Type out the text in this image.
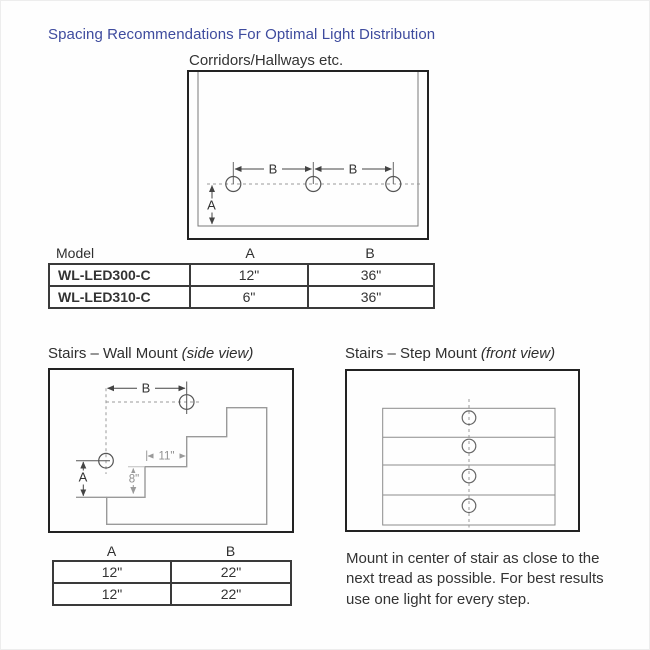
Spacing Recommendations For Optimal Light Distribution
Corridors/Hallways etc.
B	B
A
Model	A	B
WL-LED300-C	12"	36"
WL-LED310-C	6"	36"
Stairs – Wall Mount (side view)	Stairs – Step Mount (front view)
B
A	8"
11"
A	B
12"	22"
12"	22"
Mount in center of stair as close to the next tread as possible. For best results use one light for every step.
